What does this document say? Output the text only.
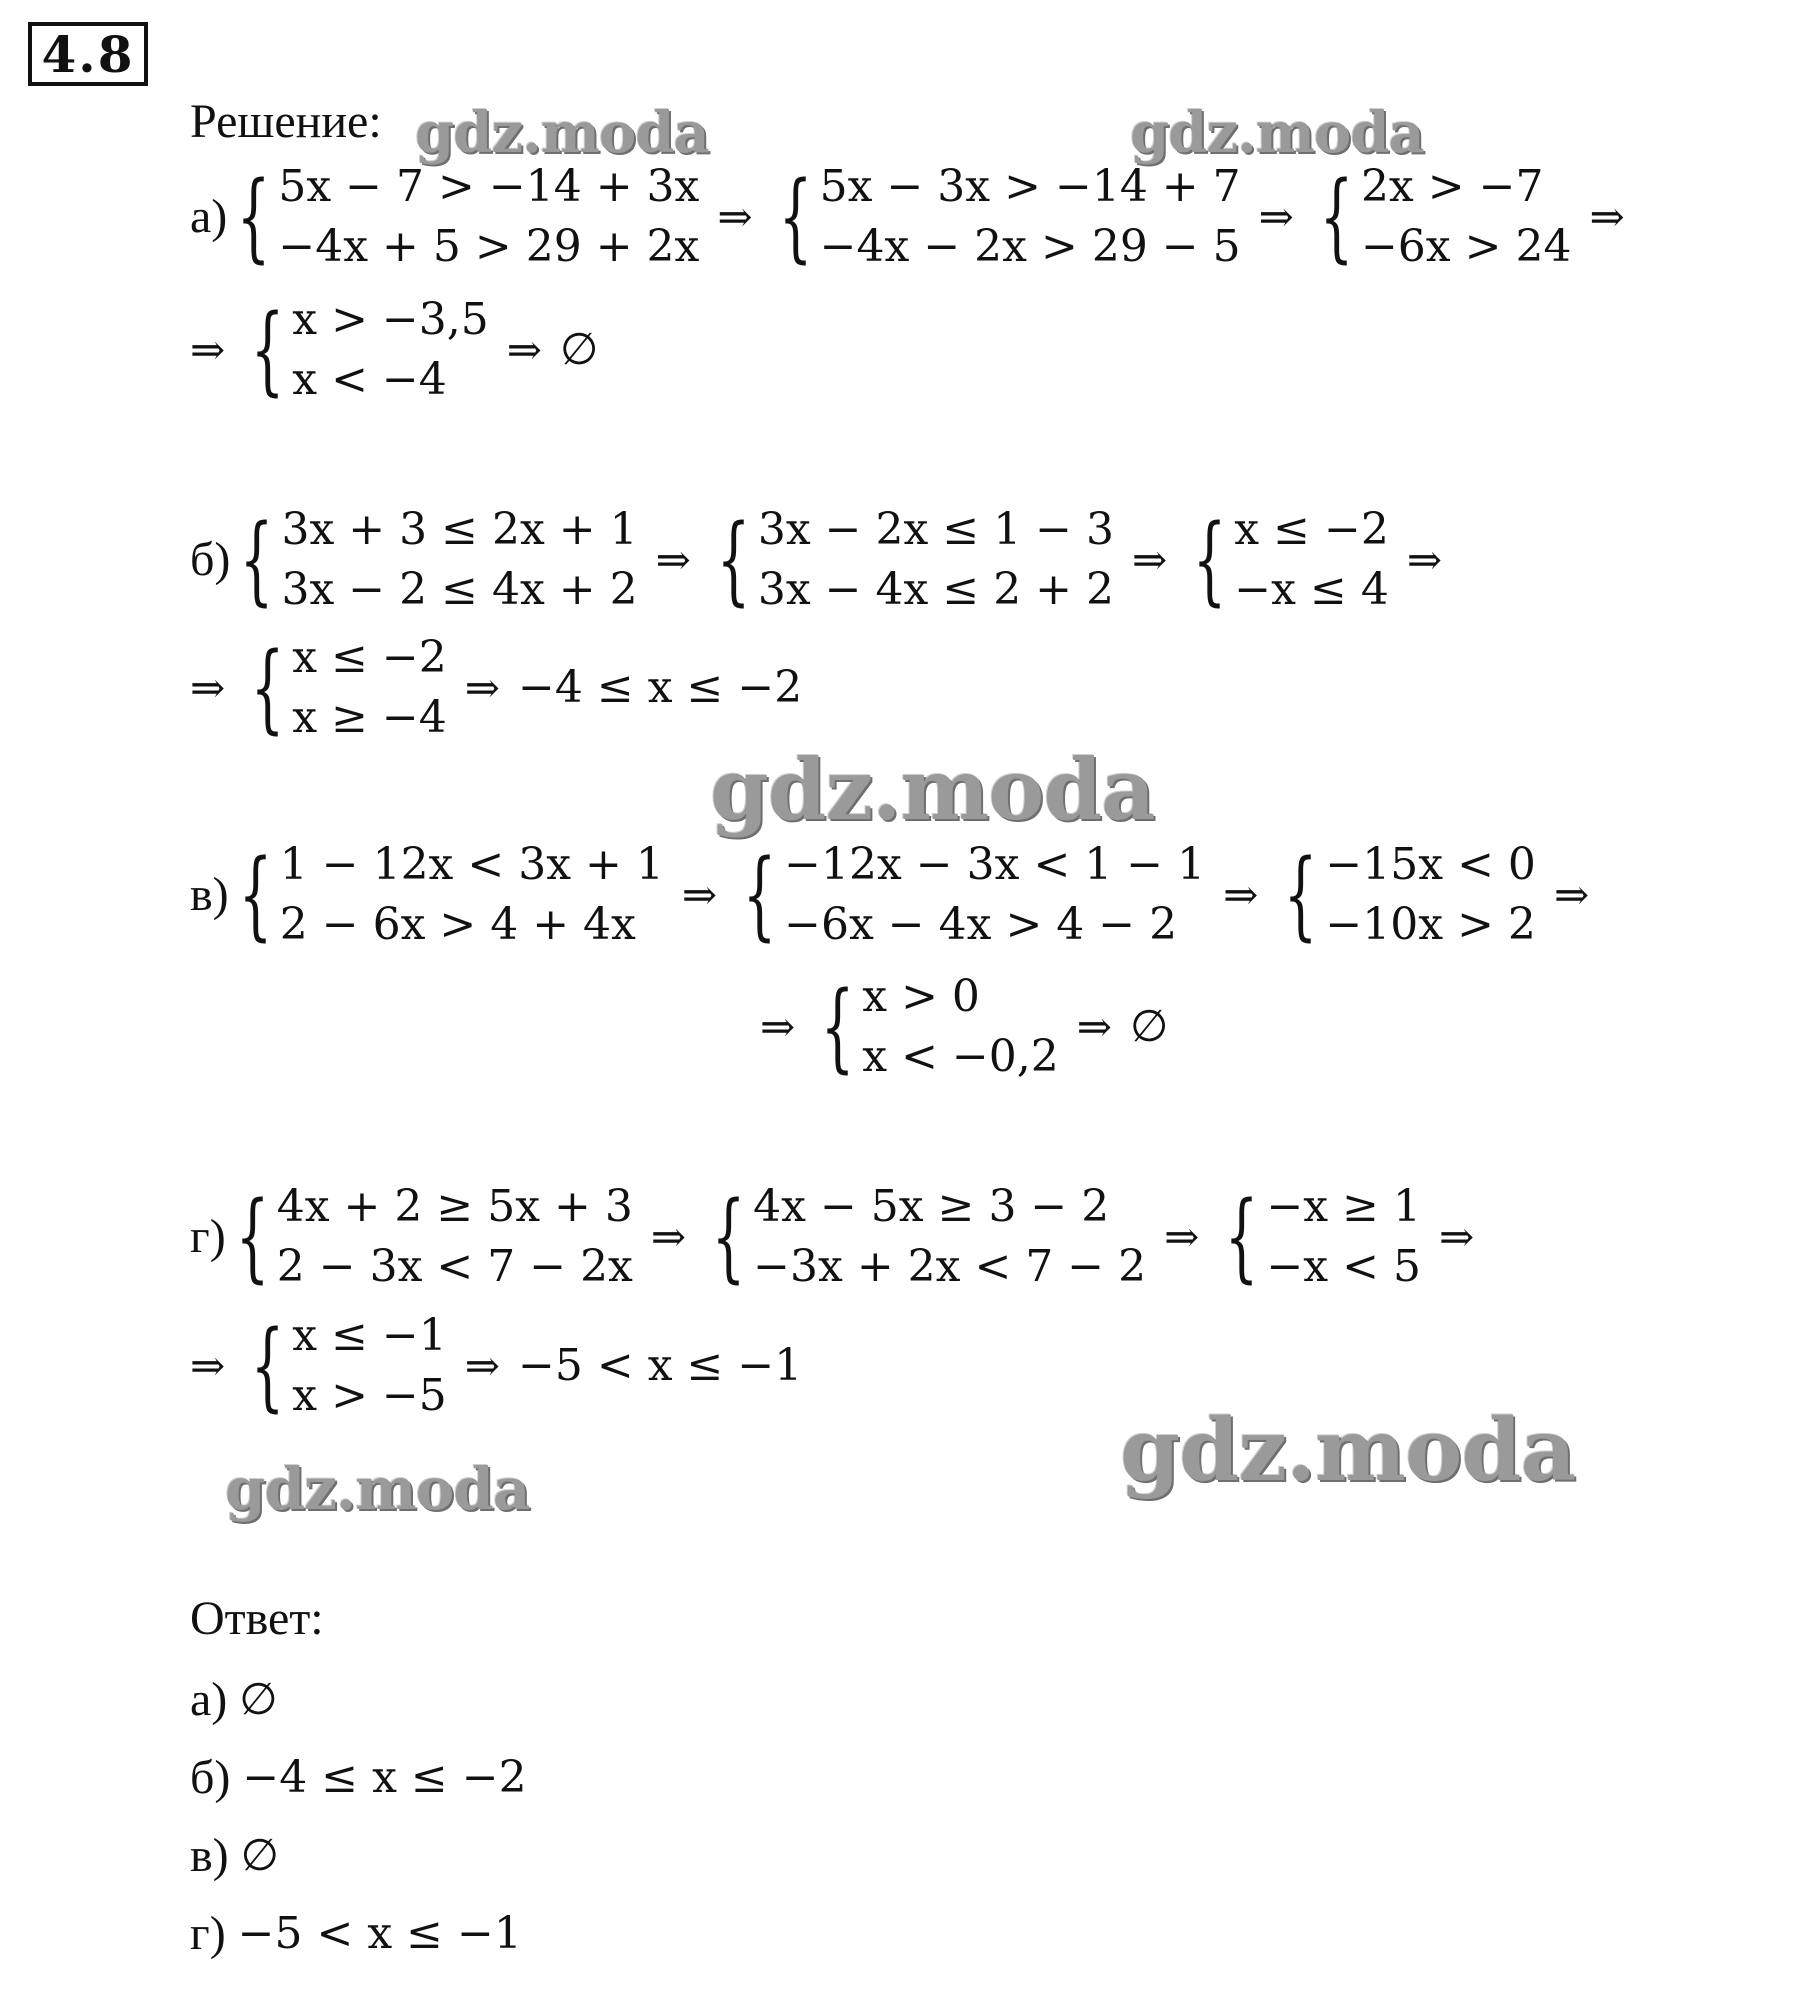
4.8
Решение:
а) { 5x − 7 > −14 + 3x
−4x + 5 > 29 + 2x
⇒ { 5x − 3x > −14 + 7
−4x − 2x > 29 − 5
⇒ { 2x > −7
−6x > 24
⇒
⇒ { x > −3,5
x < −4
⇒ ∅
б) { 3x + 3 ≤ 2x + 1
3x − 2 ≤ 4x + 2
⇒ { 3x − 2x ≤ 1 − 3
3x − 4x ≤ 2 + 2
⇒ { x ≤ −2
−x ≤ 4
⇒
⇒ { x ≤ −2
x ≥ −4
⇒ −4 ≤ x ≤ −2
в) { 1 − 12x < 3x + 1
2 − 6x > 4 + 4x
⇒ { −12x − 3x < 1 − 1
−6x − 4x > 4 − 2
⇒ { −15x < 0
−10x > 2
⇒
⇒ { x > 0
x < −0,2
⇒ ∅
г) { 4x + 2 ≥ 5x + 3
2 − 3x < 7 − 2x
⇒ { 4x − 5x ≥ 3 − 2
−3x + 2x < 7 − 2
⇒ { −x ≥ 1
−x < 5
⇒
⇒ { x ≤ −1
x > −5
⇒ −5 < x ≤ −1
Ответ:
а) ∅
б) −4 ≤ x ≤ −2
в) ∅
г) −5 < x ≤ −1
gdz.moda	gdz.moda
gdz.moda
gdz.moda
gdz.moda
